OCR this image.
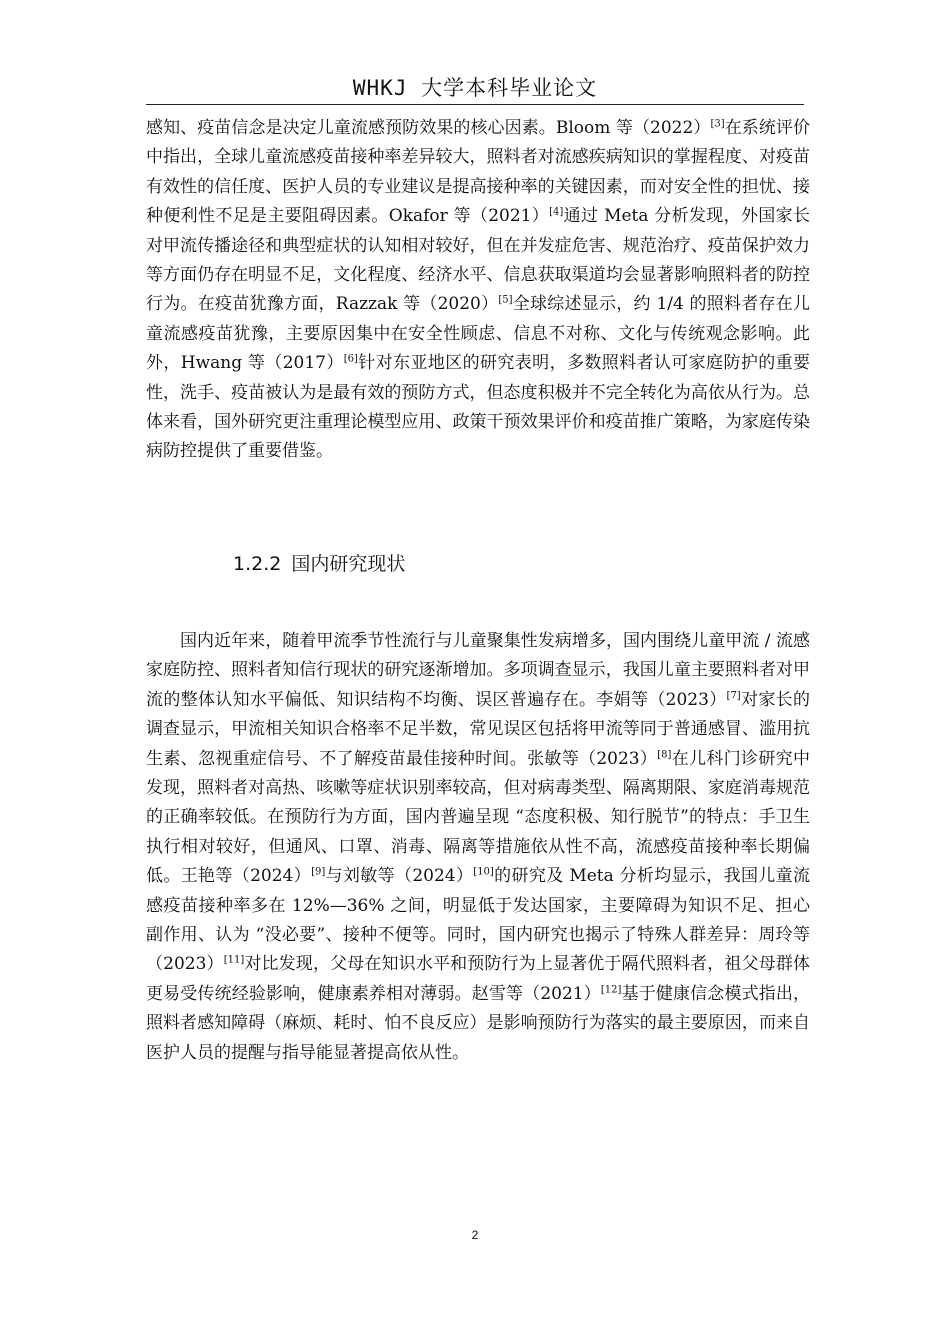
WHKJ 大学本科毕业论文

感知、疫苗信念是决定儿童流感预防效果的核心因素。Bloom 等（2022）[3]在系统评价中指出，全球儿童流感疫苗接种率差异较大，照料者对流感疾病知识的掌握程度、对疫苗有效性的信任度、医护人员的专业建议是提高接种率的关键因素，而对安全性的担忧、接种便利性不足是主要阻碍因素。Okafor 等（2021）[4]通过 Meta 分析发现，外国家长对甲流传播途径和典型症状的认知相对较好，但在并发症危害、规范治疗、疫苗保护效力等方面仍存在明显不足，文化程度、经济水平、信息获取渠道均会显著影响照料者的防控行为。在疫苗犹豫方面，Razzak 等（2020）[5]全球综述显示，约 1/4 的照料者存在儿童流感疫苗犹豫，主要原因集中在安全性顾虑、信息不对称、文化与传统观念影响。此外，Hwang 等（2017）[6]针对东亚地区的研究表明，多数照料者认可家庭防护的重要性，洗手、疫苗被认为是最有效的预防方式，但态度积极并不完全转化为高依从行为。总体来看，国外研究更注重理论模型应用、政策干预效果评价和疫苗推广策略，为家庭传染病防控提供了重要借鉴。

1.2.2 国内研究现状

国内近年来，随着甲流季节性流行与儿童聚集性发病增多，国内围绕儿童甲流 / 流感家庭防控、照料者知信行现状的研究逐渐增加。多项调查显示，我国儿童主要照料者对甲流的整体认知水平偏低、知识结构不均衡、误区普遍存在。李娟等（2023）[7]对家长的调查显示，甲流相关知识合格率不足半数，常见误区包括将甲流等同于普通感冒、滥用抗生素、忽视重症信号、不了解疫苗最佳接种时间。张敏等（2023）[8]在儿科门诊研究中发现，照料者对高热、咳嗽等症状识别率较高，但对病毒类型、隔离期限、家庭消毒规范的正确率较低。在预防行为方面，国内普遍呈现 “态度积极、知行脱节”的特点：手卫生执行相对较好，但通风、口罩、消毒、隔离等措施依从性不高，流感疫苗接种率长期偏低。王艳等（2024）[9]与刘敏等（2024）[10]的研究及 Meta 分析均显示，我国儿童流感疫苗接种率多在 12%—36% 之间，明显低于发达国家，主要障碍为知识不足、担心副作用、认为 “没必要”、接种不便等。同时，国内研究也揭示了特殊人群差异：周玲等（2023）[11]对比发现，父母在知识水平和预防行为上显著优于隔代照料者，祖父母群体更易受传统经验影响，健康素养相对薄弱。赵雪等（2021）[12]基于健康信念模式指出，照料者感知障碍（麻烦、耗时、怕不良反应）是影响预防行为落实的最主要原因，而来自医护人员的提醒与指导能显著提高依从性。

2
